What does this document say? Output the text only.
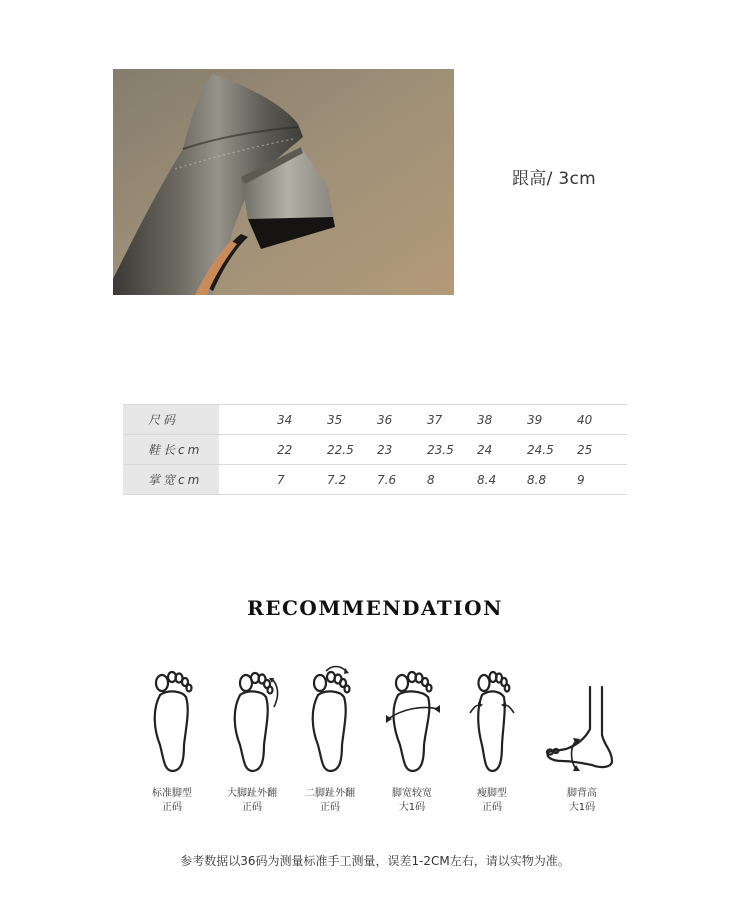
跟高/ 3cm
尺码		34	35	36	37	38	39	40
鞋长cm		22	22.5	23	23.5	24	24.5	25
掌宽cm		7	7.2	7.6	8	8.4	8.8	9
RECOMMENDATION
标准脚型
正码
大脚趾外翻
正码
二脚趾外翻
正码
脚宽较宽
大1码
瘦脚型
正码
脚背高
大1码
参考数据以36码为测量标准手工测量，误差1-2CM左右，请以实物为准。
